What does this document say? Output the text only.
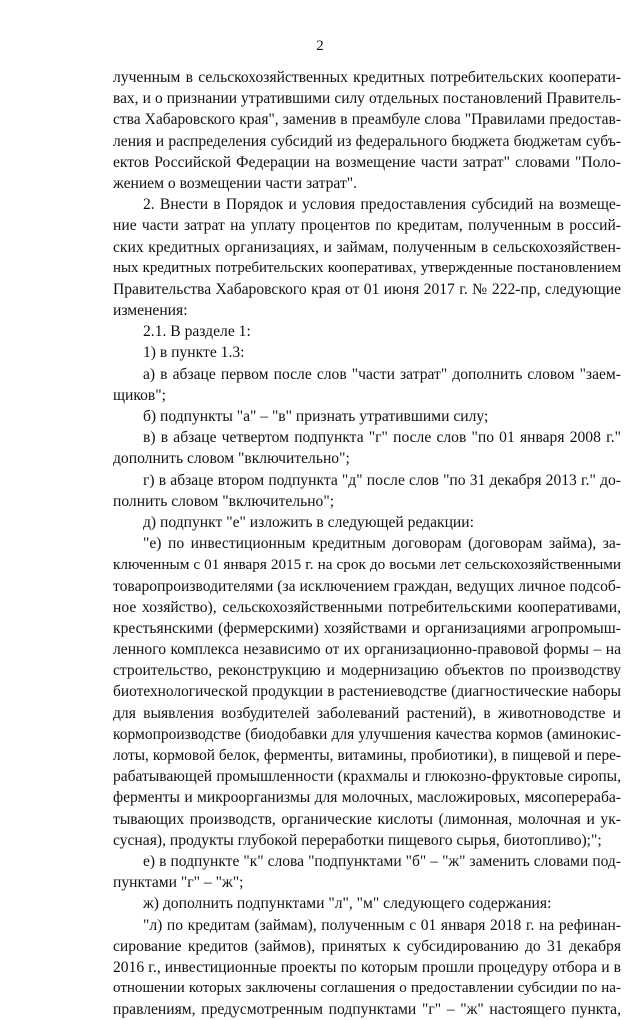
2
лученным в сельскохозяйственных кредитных потребительских кооперати-
вах, и о признании утратившими силу отдельных постановлений Правитель-
ства Хабаровского края", заменив в преамбуле слова "Правилами предостав-
ления и распределения субсидий из федерального бюджета бюджетам субъ-
ектов Российской Федерации на возмещение части затрат" словами "Поло-
жением о возмещении части затрат".
2. Внести в Порядок и условия предоставления субсидий на возмеще-
ние части затрат на уплату процентов по кредитам, полученным в россий-
ских кредитных организациях, и займам, полученным в сельскохозяйствен-
ных кредитных потребительских кооперативах, утвержденные постановлением
Правительства Хабаровского края от 01 июня 2017 г. № 222-пр, следующие
изменения:
2.1. В разделе 1:
1) в пункте 1.3:
а) в абзаце первом после слов "части затрат" дополнить словом "заем-
щиков";
б) подпункты "а" – "в" признать утратившими силу;
в) в абзаце четвертом подпункта "г" после слов "по 01 января 2008 г."
дополнить словом "включительно";
г) в абзаце втором подпункта "д" после слов "по 31 декабря 2013 г." до-
полнить словом "включительно";
д) подпункт "е" изложить в следующей редакции:
"е) по инвестиционным кредитным договорам (договорам займа), за-
ключенным с 01 января 2015 г. на срок до восьми лет сельскохозяйственными
товаропроизводителями (за исключением граждан, ведущих личное подсоб-
ное хозяйство), сельскохозяйственными потребительскими кооперативами,
крестьянскими (фермерскими) хозяйствами и организациями агропромыш-
ленного комплекса независимо от их организационно-правовой формы – на
строительство, реконструкцию и модернизацию объектов по производству
биотехнологической продукции в растениеводстве (диагностические наборы
для выявления возбудителей заболеваний растений), в животноводстве и
кормопроизводстве (биодобавки для улучшения качества кормов (аминокис-
лоты, кормовой белок, ферменты, витамины, пробиотики), в пищевой и пере-
рабатывающей промышленности (крахмалы и глюкозно-фруктовые сиропы,
ферменты и микроорганизмы для молочных, масложировых, мясоперераба-
тывающих производств, органические кислоты (лимонная, молочная и ук-
сусная), продукты глубокой переработки пищевого сырья, биотопливо);";
е) в подпункте "к" слова "подпунктами "б" – "ж" заменить словами под-
пунктами "г" – "ж";
ж) дополнить подпунктами "л", "м" следующего содержания:
"л) по кредитам (займам), полученным с 01 января 2018 г. на рефинан-
сирование кредитов (займов), принятых к субсидированию до 31 декабря
2016 г., инвестиционные проекты по которым прошли процедуру отбора и в
отношении которых заключены соглашения о предоставлении субсидии по на-
правлениям, предусмотренным подпунктами "г" – "ж" настоящего пункта,
